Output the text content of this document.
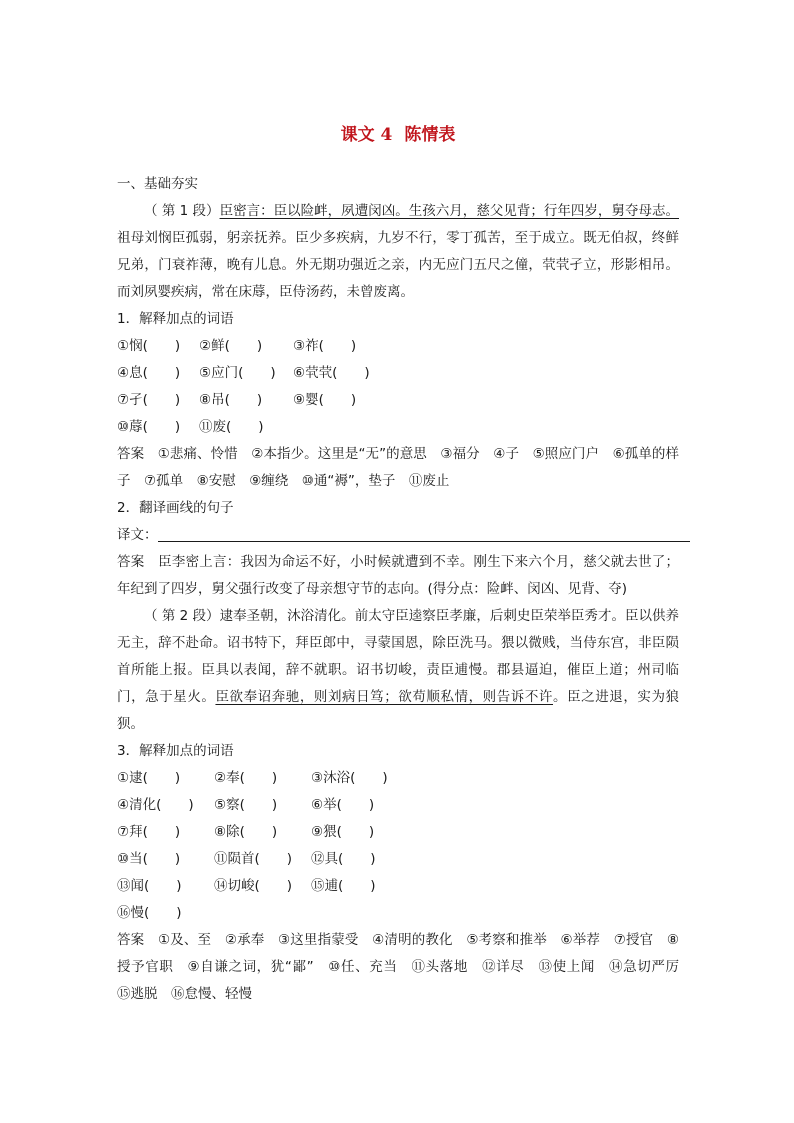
课文 4 陈情表
一、基础夯实

（ 第 1 段）臣密言：臣以险衅，夙遭闵凶。生孩六月，慈父见背；行年四岁，舅夺母志。祖母刘悯臣孤弱，躬亲抚养。臣少多疾病，九岁不行，零丁孤苦，至于成立。既无伯叔，终鲜兄弟，门衰祚薄，晚有儿息。外无期功强近之亲，内无应门五尺之僮，茕茕孑立，形影相吊。而刘夙婴疾病，常在床蓐，臣侍汤药，未曾废离。

1．解释加点的词语
①悯(　　) ②鲜(　　) ③祚(　　)
④息(　　) ⑤应门(　　) ⑥茕茕(　　)
⑦孑(　　) ⑧吊(　　) ⑨婴(　　)
⑩蓐(　　) ⑪废(　　)

答案　 ①悲痛、怜惜　②本指少。这里是“无”的意思　③福分　④子　⑤照应门户　⑥孤单的样子　⑦孤单　⑧安慰　⑨缠绕　⑩通“褥”，垫子　⑪废止

2．翻译画线的句子
译文：

答案　 臣李密上言：我因为命运不好，小时候就遭到不幸。刚生下来六个月，慈父就去世了；年纪到了四岁，舅父强行改变了母亲想守节的志向。(得分点：险衅、闵凶、见背、夺)

（ 第 2 段）逮奉圣朝，沐浴清化。前太守臣逵察臣孝廉，后刺史臣荣举臣秀才。臣以供养无主，辞不赴命。诏书特下，拜臣郎中，寻蒙国恩，除臣洗马。猥以微贱，当侍东宫，非臣陨首所能上报。臣具以表闻，辞不就职。诏书切峻，责臣逋慢。郡县逼迫，催臣上道；州司临门，急于星火。臣欲奉诏奔驰，则刘病日笃；欲苟顺私情，则告诉不许。臣之进退，实为狼狈。

3．解释加点的词语
①逮(　　)	②奉(　　)	③沐浴(　　)
④清化(　　) ⑤察(　　)	⑥举(　　)
⑦拜(　　)	⑧除(　　)	⑨猥(　　)
⑩当(　　)	⑪陨首(　　) ⑫具(　　)
⑬闻(　　) ⑭切峻(　　) ⑮逋(　　)
⑯慢(　　)

答案　 ①及、至　②承奉　③这里指蒙受　④清明的教化　⑤考察和推举　⑥举荐　⑦授官　⑧授予官职　⑨自谦之词，犹“鄙”　⑩任、充当　⑪头落地　⑫详尽　⑬使上闻　⑭急切严厉　⑮逃脱　⑯怠慢、轻慢
